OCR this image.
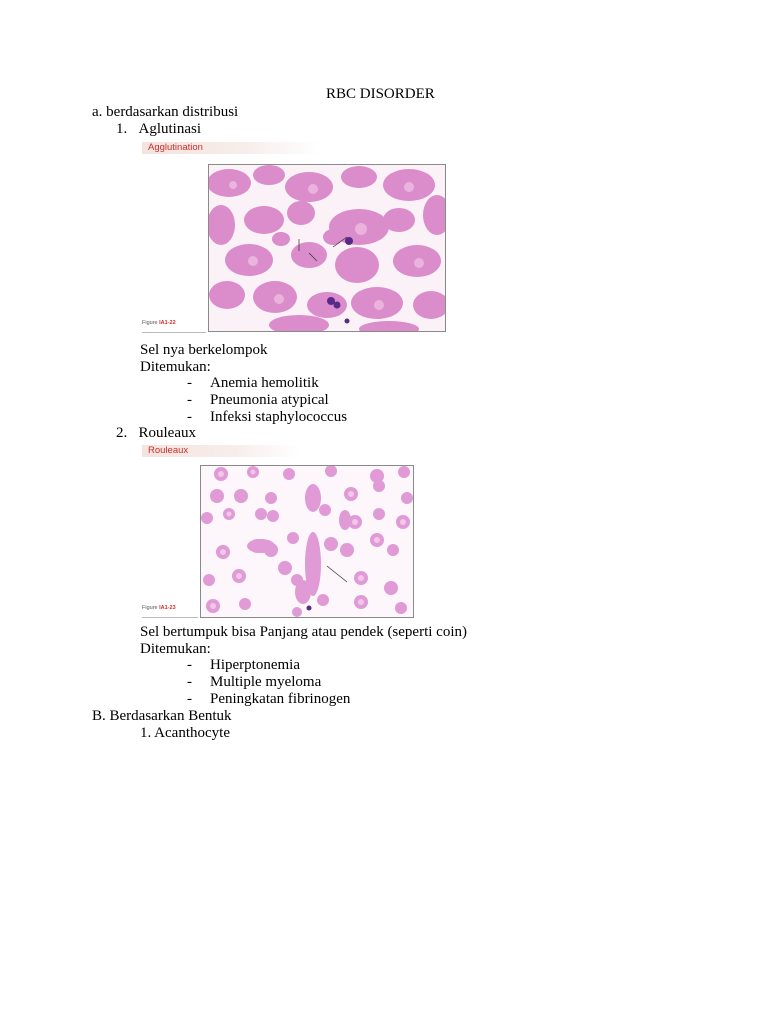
RBC DISORDER
a. berdasarkan distribusi
1.   Aglutinasi
Agglutination
Figure IA1-22
Sel nya berkelompok
Ditemukan:
- Anemia hemolitik
- Pneumonia atypical
- Infeksi staphylococcus
2.   Rouleaux
Rouleaux
Figure IA1-23
Sel bertumpuk bisa Panjang atau pendek (seperti coin)
Ditemukan:
- Hiperptonemia
- Multiple myeloma
- Peningkatan fibrinogen
B. Berdasarkan Bentuk
1. Acanthocyte
